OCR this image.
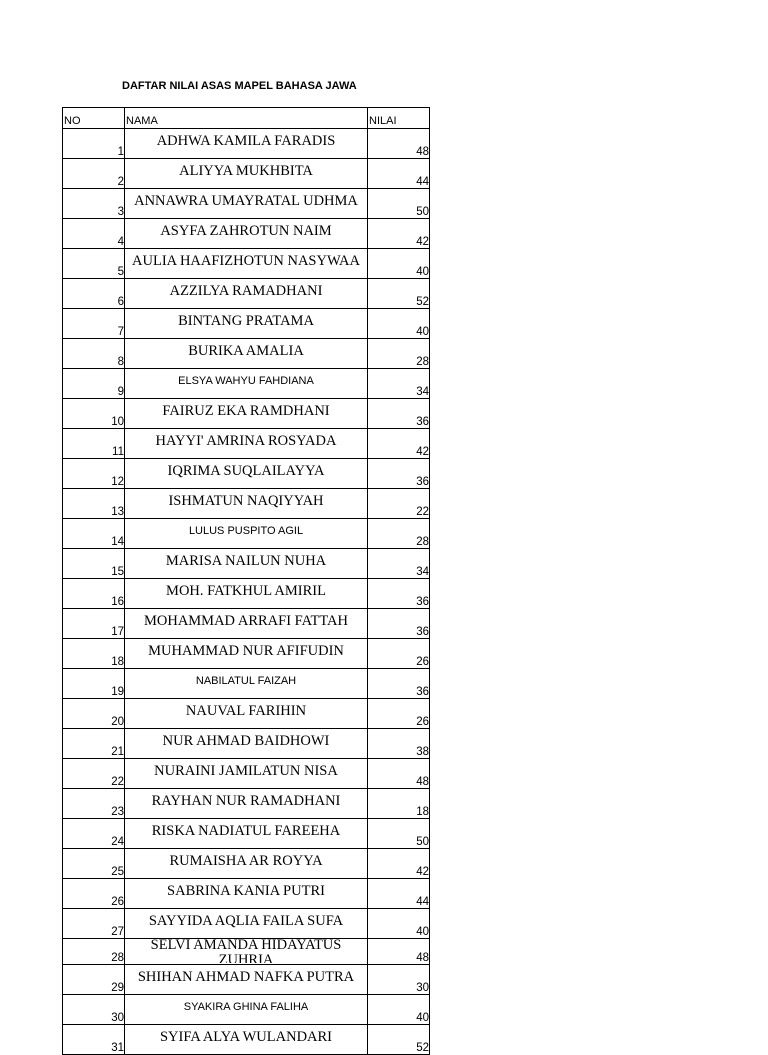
DAFTAR NILAI ASAS MAPEL BAHASA JAWA
NO	NAMA	NILAI
1	ADHWA KAMILA FARADIS	48
2	ALIYYA MUKHBITA	44
3	ANNAWRA UMAYRATAL UDHMA	50
4	ASYFA ZAHROTUN NAIM	42
5	AULIA HAAFIZHOTUN NASYWAA	40
6	AZZILYA RAMADHANI	52
7	BINTANG PRATAMA	40
8	BURIKA AMALIA	28
9	ELSYA WAHYU FAHDIANA	34
10	FAIRUZ EKA RAMDHANI	36
11	HAYYI' AMRINA ROSYADA	42
12	IQRIMA SUQLAILAYYA	36
13	ISHMATUN NAQIYYAH	22
14	LULUS PUSPITO AGIL	28
15	MARISA NAILUN NUHA	34
16	MOH. FATKHUL AMIRIL	36
17	MOHAMMAD ARRAFI FATTAH	36
18	MUHAMMAD NUR AFIFUDIN	26
19	NABILATUL FAIZAH	36
20	NAUVAL FARIHIN	26
21	NUR AHMAD BAIDHOWI	38
22	NURAINI JAMILATUN NISA	48
23	RAYHAN NUR RAMADHANI	18
24	RISKA NADIATUL FAREEHA	50
25	RUMAISHA AR ROYYA	42
26	SABRINA KANIA PUTRI	44
27	SAYYIDA AQLIA FAILA SUFA	40
28	SELVI AMANDA HIDAYATUS ZUHRIA	48
29	SHIHAN AHMAD NAFKA PUTRA	30
30	SYAKIRA GHINA FALIHA	40
31	SYIFA ALYA WULANDARI	52
